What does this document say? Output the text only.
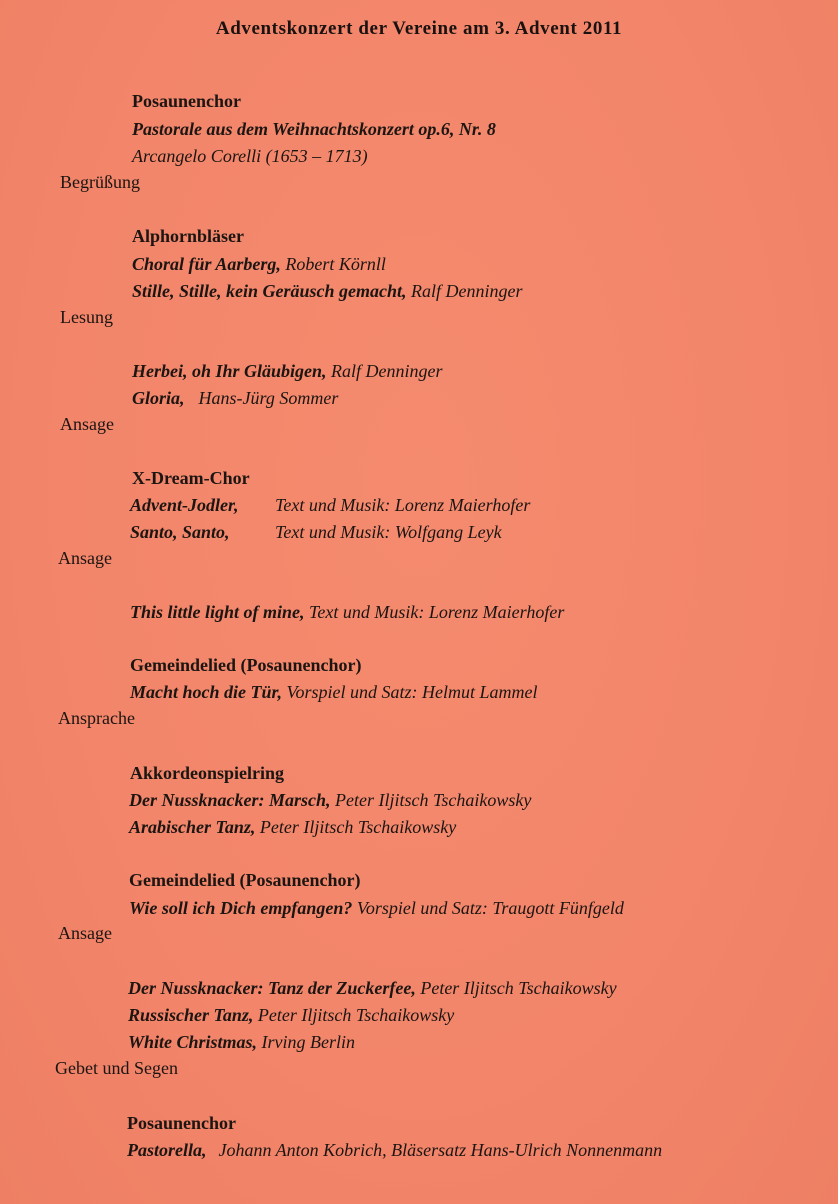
Adventskonzert der Vereine am 3. Advent 2011
Posaunenchor
Pastorale aus dem Weihnachtskonzert op.6, Nr. 8
Arcangelo Corelli (1653 – 1713)
Begrüßung
Alphornbläser
Choral für Aarberg, Robert Körnll
Stille, Stille, kein Geräusch gemacht, Ralf Denninger
Lesung
Herbei, oh Ihr Gläubigen, Ralf Denninger
Gloria, Hans-Jürg Sommer
Ansage
X-Dream-Chor
Advent-Jodler, Text und Musik: Lorenz Maierhofer
Santo, Santo,	Text und Musik: Wolfgang Leyk
Ansage
This little light of mine, Text und Musik: Lorenz Maierhofer
Gemeindelied (Posaunenchor)
Macht hoch die Tür, Vorspiel und Satz: Helmut Lammel
Ansprache
Akkordeonspielring
Der Nussknacker: Marsch, Peter Iljitsch Tschaikowsky
Arabischer Tanz, Peter Iljitsch Tschaikowsky
Gemeindelied (Posaunenchor)
Wie soll ich Dich empfangen? Vorspiel und Satz: Traugott Fünfgeld
Ansage
Der Nussknacker: Tanz der Zuckerfee, Peter Iljitsch Tschaikowsky
Russischer Tanz, Peter Iljitsch Tschaikowsky
White Christmas, Irving Berlin
Gebet und Segen
Posaunenchor
Pastorella, Johann Anton Kobrich, Bläsersatz Hans-Ulrich Nonnenmann
